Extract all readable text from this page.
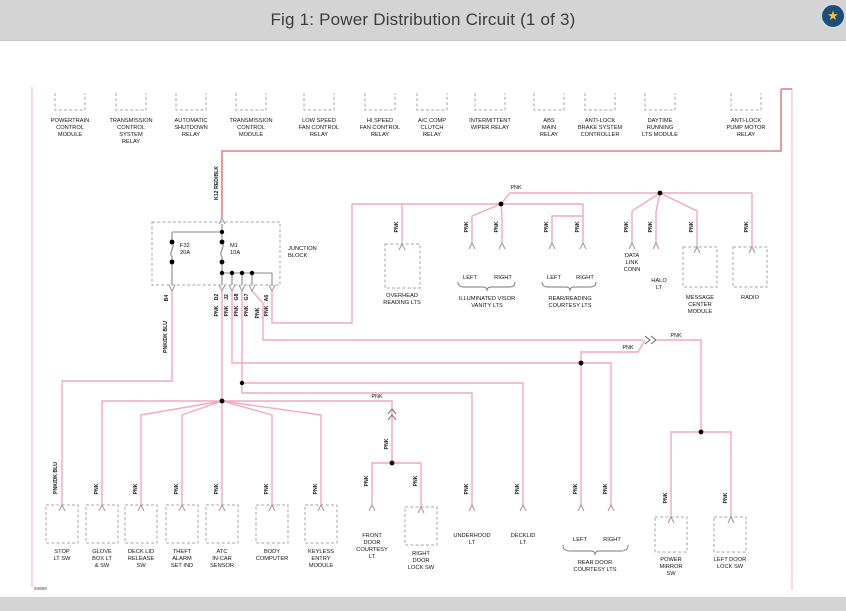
Fig 1: Power Distribution Circuit (1 of 3)	★
JUNCTION
BLOCK
F32
20A
M1
10A
K12 RED/BLK
B4	D2 J2 G8 G7	A6
PNK PNK PNK PNK PNK PNK
PNK/DK BLU
PNK/DK BLU
PNK	PNK	PNK	PNK	PNK	PNK	PNK	PNK	PNK
PNK	PNK	PNK	PNK	PNK	PNK
PNK	PNK
PNK	PNK	PNK	PNK
PNK	PNK
PNK
PNK
PNK
PNK
PNK
POWERTRAIN
CONTROL
MODULE
TRANSMISSION
CONTROL
SYSTEM
RELAY
AUTOMATIC
SHUTDOWN
RELAY
TRANSMISSION
CONTROL
MODULE
LOW SPEED
FAN CONTROL
RELAY
HI SPEED
FAN CONTROL
RELAY
A/C COMP
CLUTCH
RELAY
INTERMITTENT
WIPER RELAY
ABS
MAIN
RELAY
ANTI-LOCK
BRAKE SYSTEM
CONTROLLER
DAYTIME
RUNNING
LTS MODULE
ANTI-LOCK
PUMP MOTOR
RELAY
OVERHEAD
READING LTS
LEFT	RIGHT
ILLUMINATED VISOR
VANITY LTS
LEFT	RIGHT
REAR/READING
COURTESY LTS
DATA
LINK
CONN
HALO
LT
MESSAGE
CENTER
MODULE
RADIO
STOP
LT SW
GLOVE
BOX LT
& SW
DECK LID
RELEASE
SW
THEFT
ALARM
SET IND
ATC
IN-CAR
SENSOR
BODY
COMPUTER
KEYLESS
ENTRY
MODULE
FRONT
DOOR
COURTESY
LT	RIGHT
DOOR
LOCK SW
UNDERHOOD
LT
DECKLID
LT	LEFT	RIGHT
REAR DOOR
COURTESY LTS
POWER
MIRROR
SW
LEFT DOOR
LOCK SW
94699
